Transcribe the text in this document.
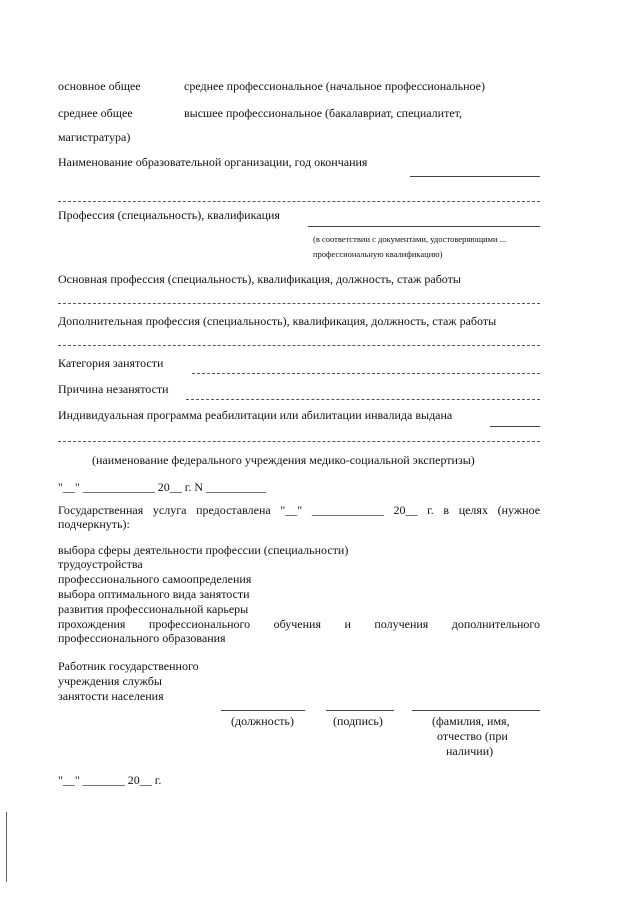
основное общее	среднее профессиональное (начальное профессиональное)
среднее общее	высшее профессиональное (бакалавриат, специалитет,
магистратура)
Наименование образовательной организации, год окончания
Профессия (специальность), квалификация
(в соответствии с документами, удостоверяющими ...
профессиональную квалификацию)
Основная профессия (специальность), квалификация, должность, стаж работы
Дополнительная профессия (специальность), квалификация, должность, стаж работы
Категория занятости
Причина незанятости
Индивидуальная программа реабилитации или абилитации инвалида выдана
(наименование федерального учреждения медико-социальной экспертизы)
"__" ____________ 20__ г. N __________
Государственная услуга предоставлена "__" ____________ 20__ г. в целях (нужное
подчеркнуть):
выбора сферы деятельности профессии (специальности)
трудоустройства
профессионального самоопределения
выбора оптимального вида занятости
развития профессиональной карьеры
прохождения профессионального обучения и получения дополнительного
профессионального образования
Работник государственного
учреждения службы
занятости населения
(должность)	(подпись)	(фамилия, имя,
отчество (при
наличии)
"__" _______ 20__ г.
